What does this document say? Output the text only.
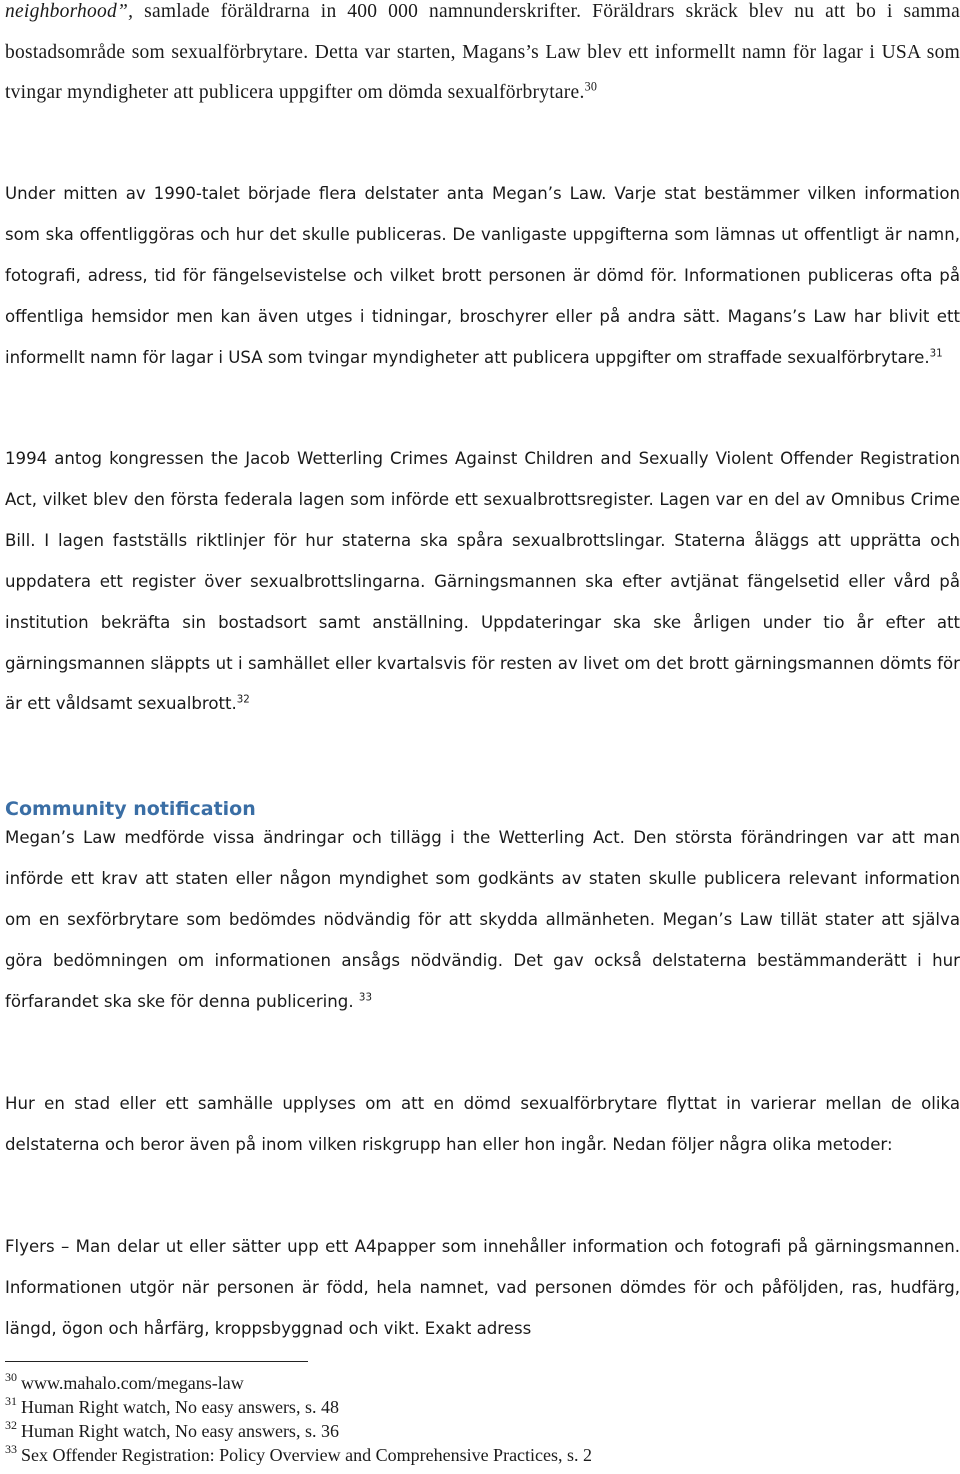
neighborhood”, samlade föräldrarna in 400 000 namnunderskrifter. Föräldrars skräck blev nu att bo i samma bostadsområde som sexualförbrytare. Detta var starten, Magans’s Law blev ett informellt namn för lagar i USA som tvingar myndigheter att publicera uppgifter om dömda sexualförbrytare.$^{30}$

Under mitten av 1990-talet började flera delstater anta Megan’s Law. Varje stat bestämmer vilken information som ska offentliggöras och hur det skulle publiceras. De vanligaste uppgifterna som lämnas ut offentligt är namn, fotografi, adress, tid för fängelsevistelse och vilket brott personen är dömd för. Informationen publiceras ofta på offentliga hemsidor men kan även utges i tidningar, broschyrer eller på andra sätt. Magans’s Law har blivit ett informellt namn för lagar i USA som tvingar myndigheter att publicera uppgifter om straffade sexualförbrytare.$^{31}$

1994 antog kongressen the Jacob Wetterling Crimes Against Children and Sexually Violent Offender Registration Act, vilket blev den första federala lagen som införde ett sexualbrottsregister. Lagen var en del av Omnibus Crime Bill. I lagen fastställs riktlinjer för hur staterna ska spåra sexualbrottslingar. Staterna åläggs att upprätta och uppdatera ett register över sexualbrottslingarna. Gärningsmannen ska efter avtjänat fängelsetid eller vård på institution bekräfta sin bostadsort samt anställning. Uppdateringar ska ske årligen under tio år efter att gärningsmannen släppts ut i samhället eller kvartalsvis för resten av livet om det brott gärningsmannen dömts för är ett våldsamt sexualbrott.$^{32}$

Community notification

Megan’s Law medförde vissa ändringar och tillägg i the Wetterling Act. Den största förändringen var att man införde ett krav att staten eller någon myndighet som godkänts av staten skulle publicera relevant information om en sexförbrytare som bedömdes nödvändig för att skydda allmänheten. Megan’s Law tillät stater att själva göra bedömningen om informationen ansågs nödvändig. Det gav också delstaterna bestämmanderätt i hur förfarandet ska ske för denna publicering. $^{33}$

Hur en stad eller ett samhälle upplyses om att en dömd sexualförbrytare flyttat in varierar mellan de olika delstaterna och beror även på inom vilken riskgrupp han eller hon ingår. Nedan följer några olika metoder:

Flyers – Man delar ut eller sätter upp ett A4papper som innehåller information och fotografi på gärningsmannen. Informationen utgör när personen är född, hela namnet, vad personen dömdes för och påföljden, ras, hudfärg, längd, ögon och hårfärg, kroppsbyggnad och vikt. Exakt adress

$^{30}$ www.mahalo.com/megans-law
$^{31}$ Human Right watch, No easy answers, s. 48
$^{32}$ Human Right watch, No easy answers, s. 36
$^{33}$ Sex Offender Registration: Policy Overview and Comprehensive Practices, s. 2
